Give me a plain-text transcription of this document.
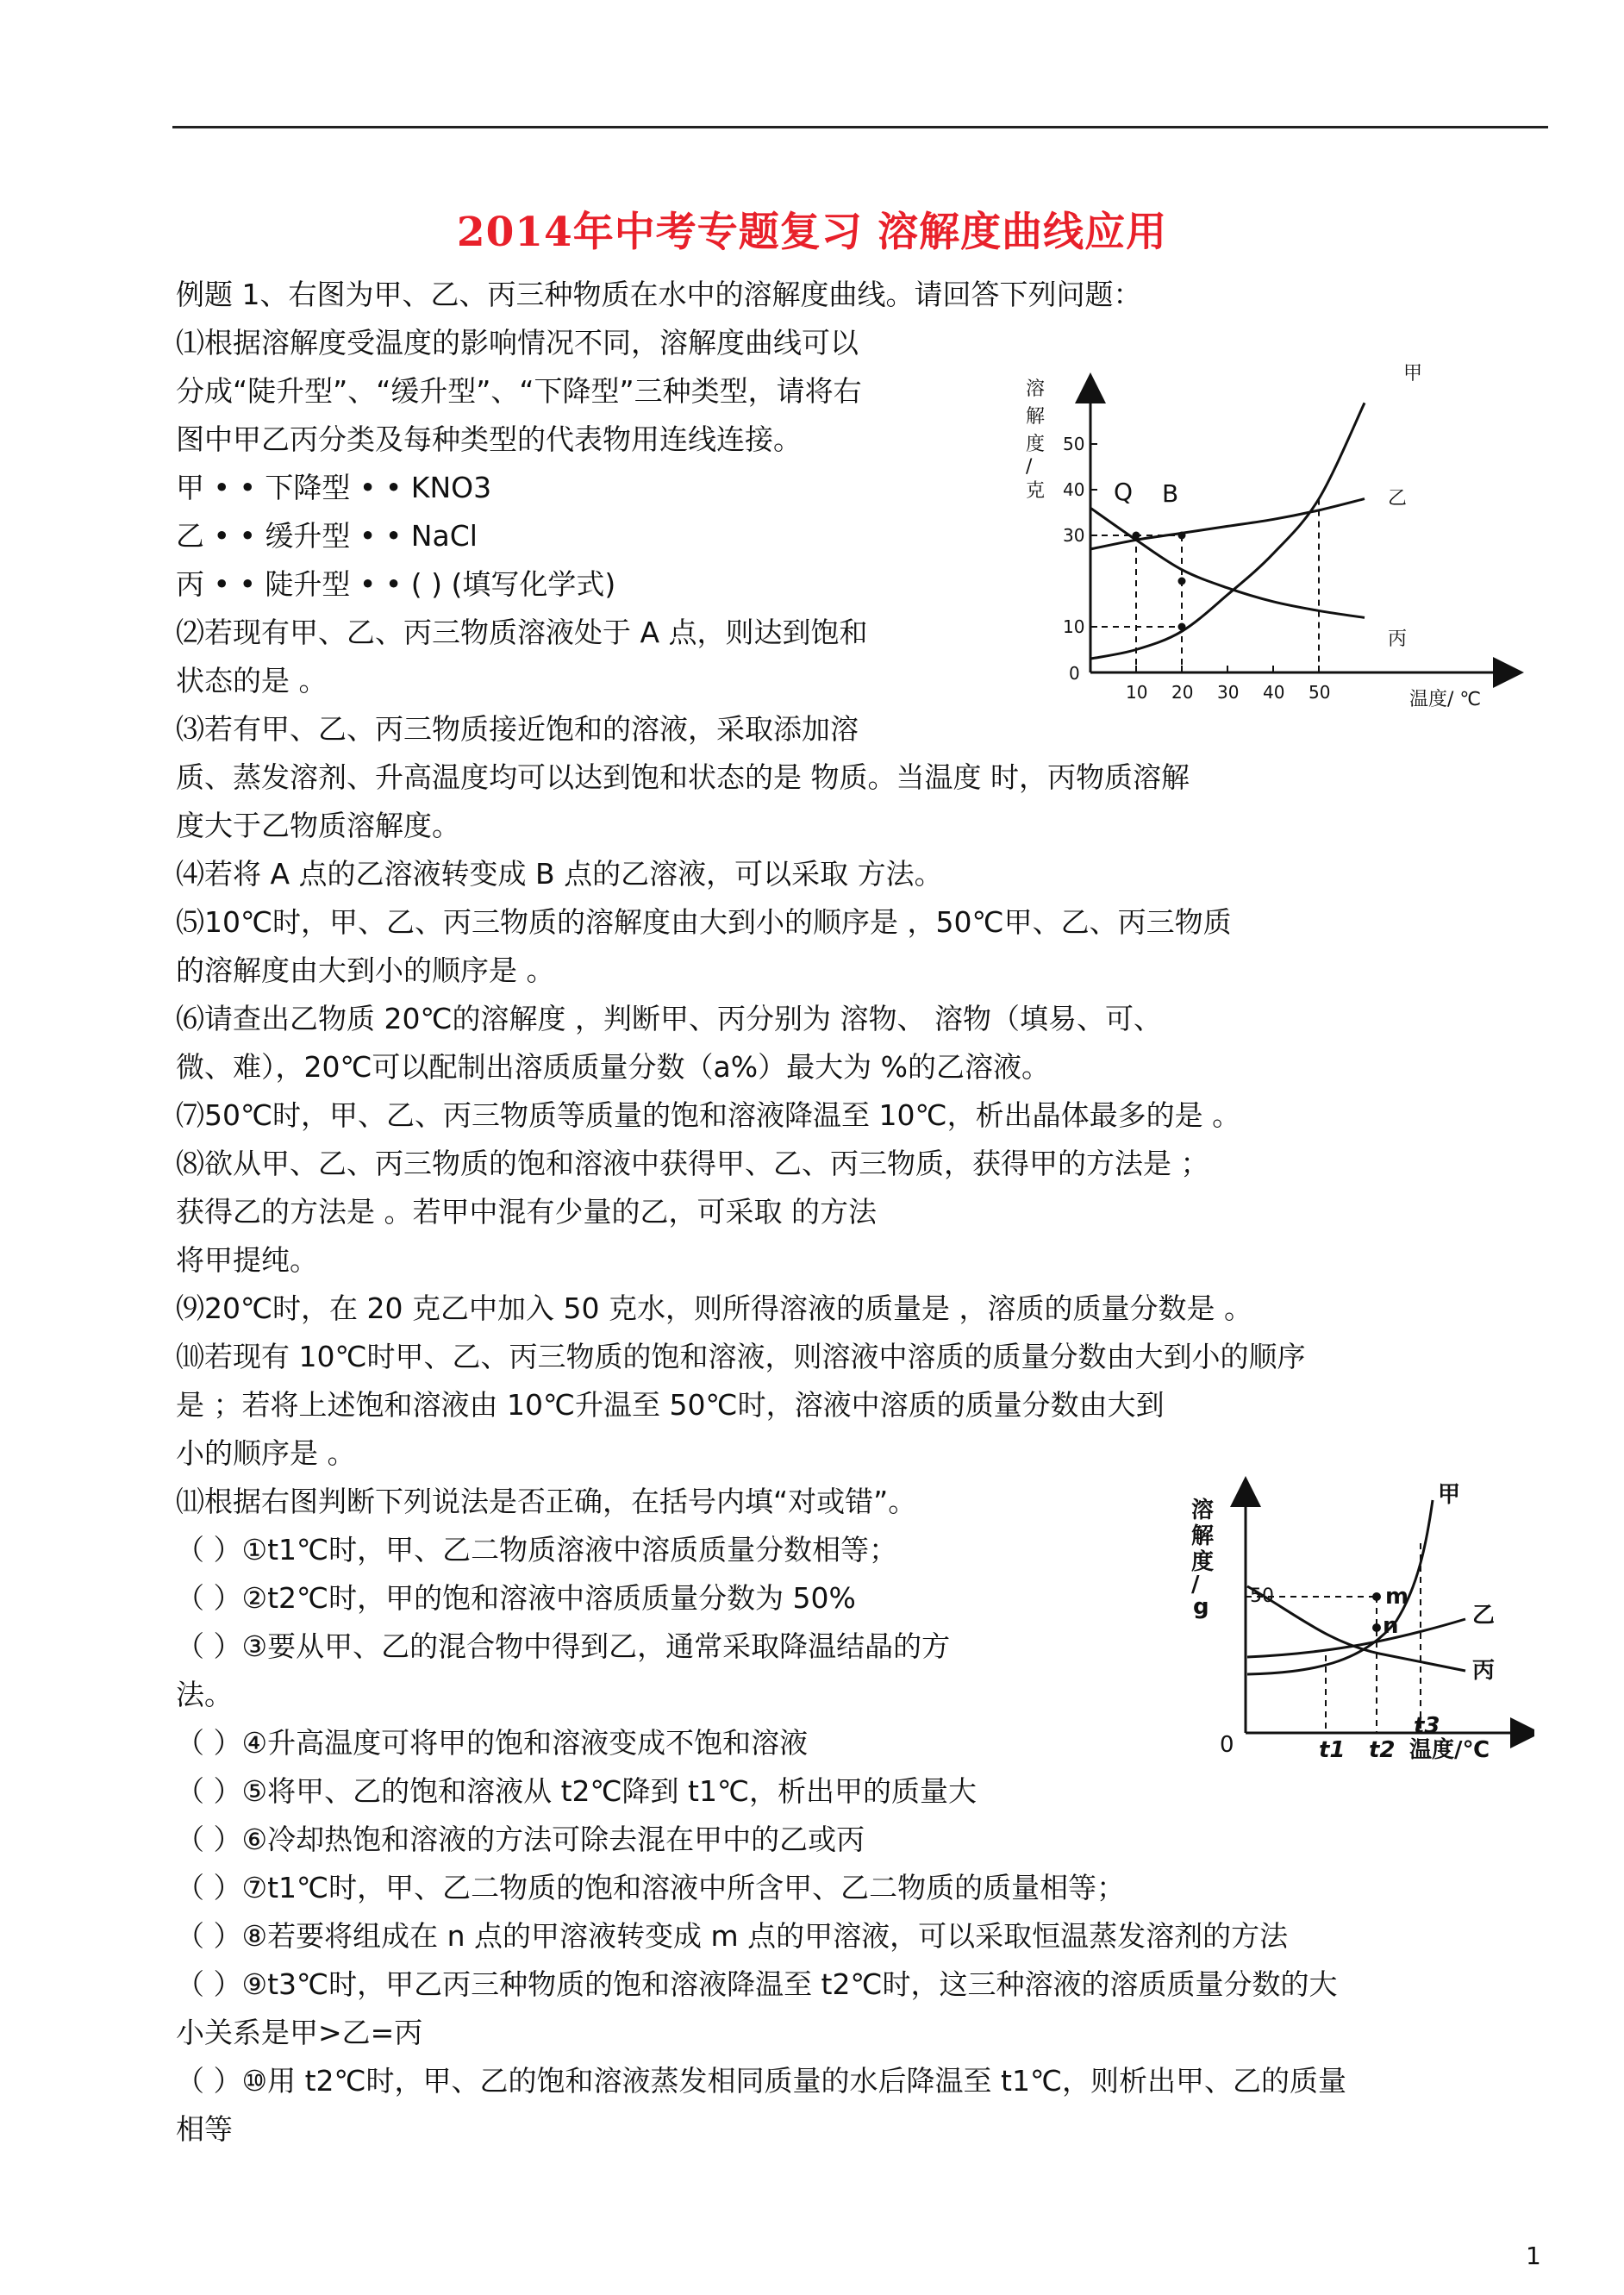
2014年中考专题复习 溶解度曲线应用
例题 1、右图为甲、乙、丙三种物质在水中的溶解度曲线。请回答下列问题：
⑴根据溶解度受温度的影响情况不同，溶解度曲线可以
分成“陡升型”、“缓升型”、“下降型”三种类型，请将右
图中甲乙丙分类及每种类型的代表物用连线连接。
甲 • • 下降型 • • KNO3
乙 • • 缓升型 • • NaCl
丙 • • 陡升型 • • ( ) (填写化学式)
⑵若现有甲、乙、丙三物质溶液处于 A 点，则达到饱和
状态的是 。
⑶若有甲、乙、丙三物质接近饱和的溶液，采取添加溶
质、蒸发溶剂、升高温度均可以达到饱和状态的是 物质。当温度 时，丙物质溶解
度大于乙物质溶解度。
⑷若将 A 点的乙溶液转变成 B 点的乙溶液，可以采取 方法。
⑸10℃时，甲、乙、丙三物质的溶解度由大到小的顺序是 ，50℃甲、乙、丙三物质
的溶解度由大到小的顺序是 。
⑹请查出乙物质 20℃的溶解度 ，判断甲、丙分别为 溶物、 溶物（填易、可、
微、难），20℃可以配制出溶质质量分数（a%）最大为 %的乙溶液。
⑺50℃时，甲、乙、丙三物质等质量的饱和溶液降温至 10℃，析出晶体最多的是 。
⑻欲从甲、乙、丙三物质的饱和溶液中获得甲、乙、丙三物质，获得甲的方法是 ；
获得乙的方法是 。若甲中混有少量的乙，可采取 的方法
将甲提纯。
⑼20℃时，在 20 克乙中加入 50 克水，则所得溶液的质量是 ，溶质的质量分数是 。
⑽若现有 10℃时甲、乙、丙三物质的饱和溶液，则溶液中溶质的质量分数由大到小的顺序
是 ；若将上述饱和溶液由 10℃升温至 50℃时，溶液中溶质的质量分数由大到
小的顺序是 。
⑾根据右图判断下列说法是否正确，在括号内填“对或错”。
（ ）①t1℃时，甲、乙二物质溶液中溶质质量分数相等；
（ ）②t2℃时，甲的饱和溶液中溶质质量分数为 50%
（ ）③要从甲、乙的混合物中得到乙，通常采取降温结晶的方
法。
（ ）④升高温度可将甲的饱和溶液变成不饱和溶液
（ ）⑤将甲、乙的饱和溶液从 t2℃降到 t1℃，析出甲的质量大
（ ）⑥冷却热饱和溶液的方法可除去混在甲中的乙或丙
（ ）⑦t1℃时，甲、乙二物质的饱和溶液中所含甲、乙二物质的质量相等；
（ ）⑧若要将组成在 n 点的甲溶液转变成 m 点的甲溶液，可以采取恒温蒸发溶剂的方法
（ ）⑨t3℃时，甲乙丙三种物质的饱和溶液降温至 t2℃时，这三种溶液的溶质质量分数的大
小关系是甲>乙=丙
（ ）⑩用 t2℃时，甲、乙的饱和溶液蒸发相同质量的水后降温至 t1℃，则析出甲、乙的质量
相等
溶
解
度
/
克
温度/ ℃
0
10 20 30 40 50
10
30
40
50
甲
乙
丙
Q B
溶
解
度
/
g
0
50
t1 t2
t3
温度/℃
m
n
甲
乙
丙
1
